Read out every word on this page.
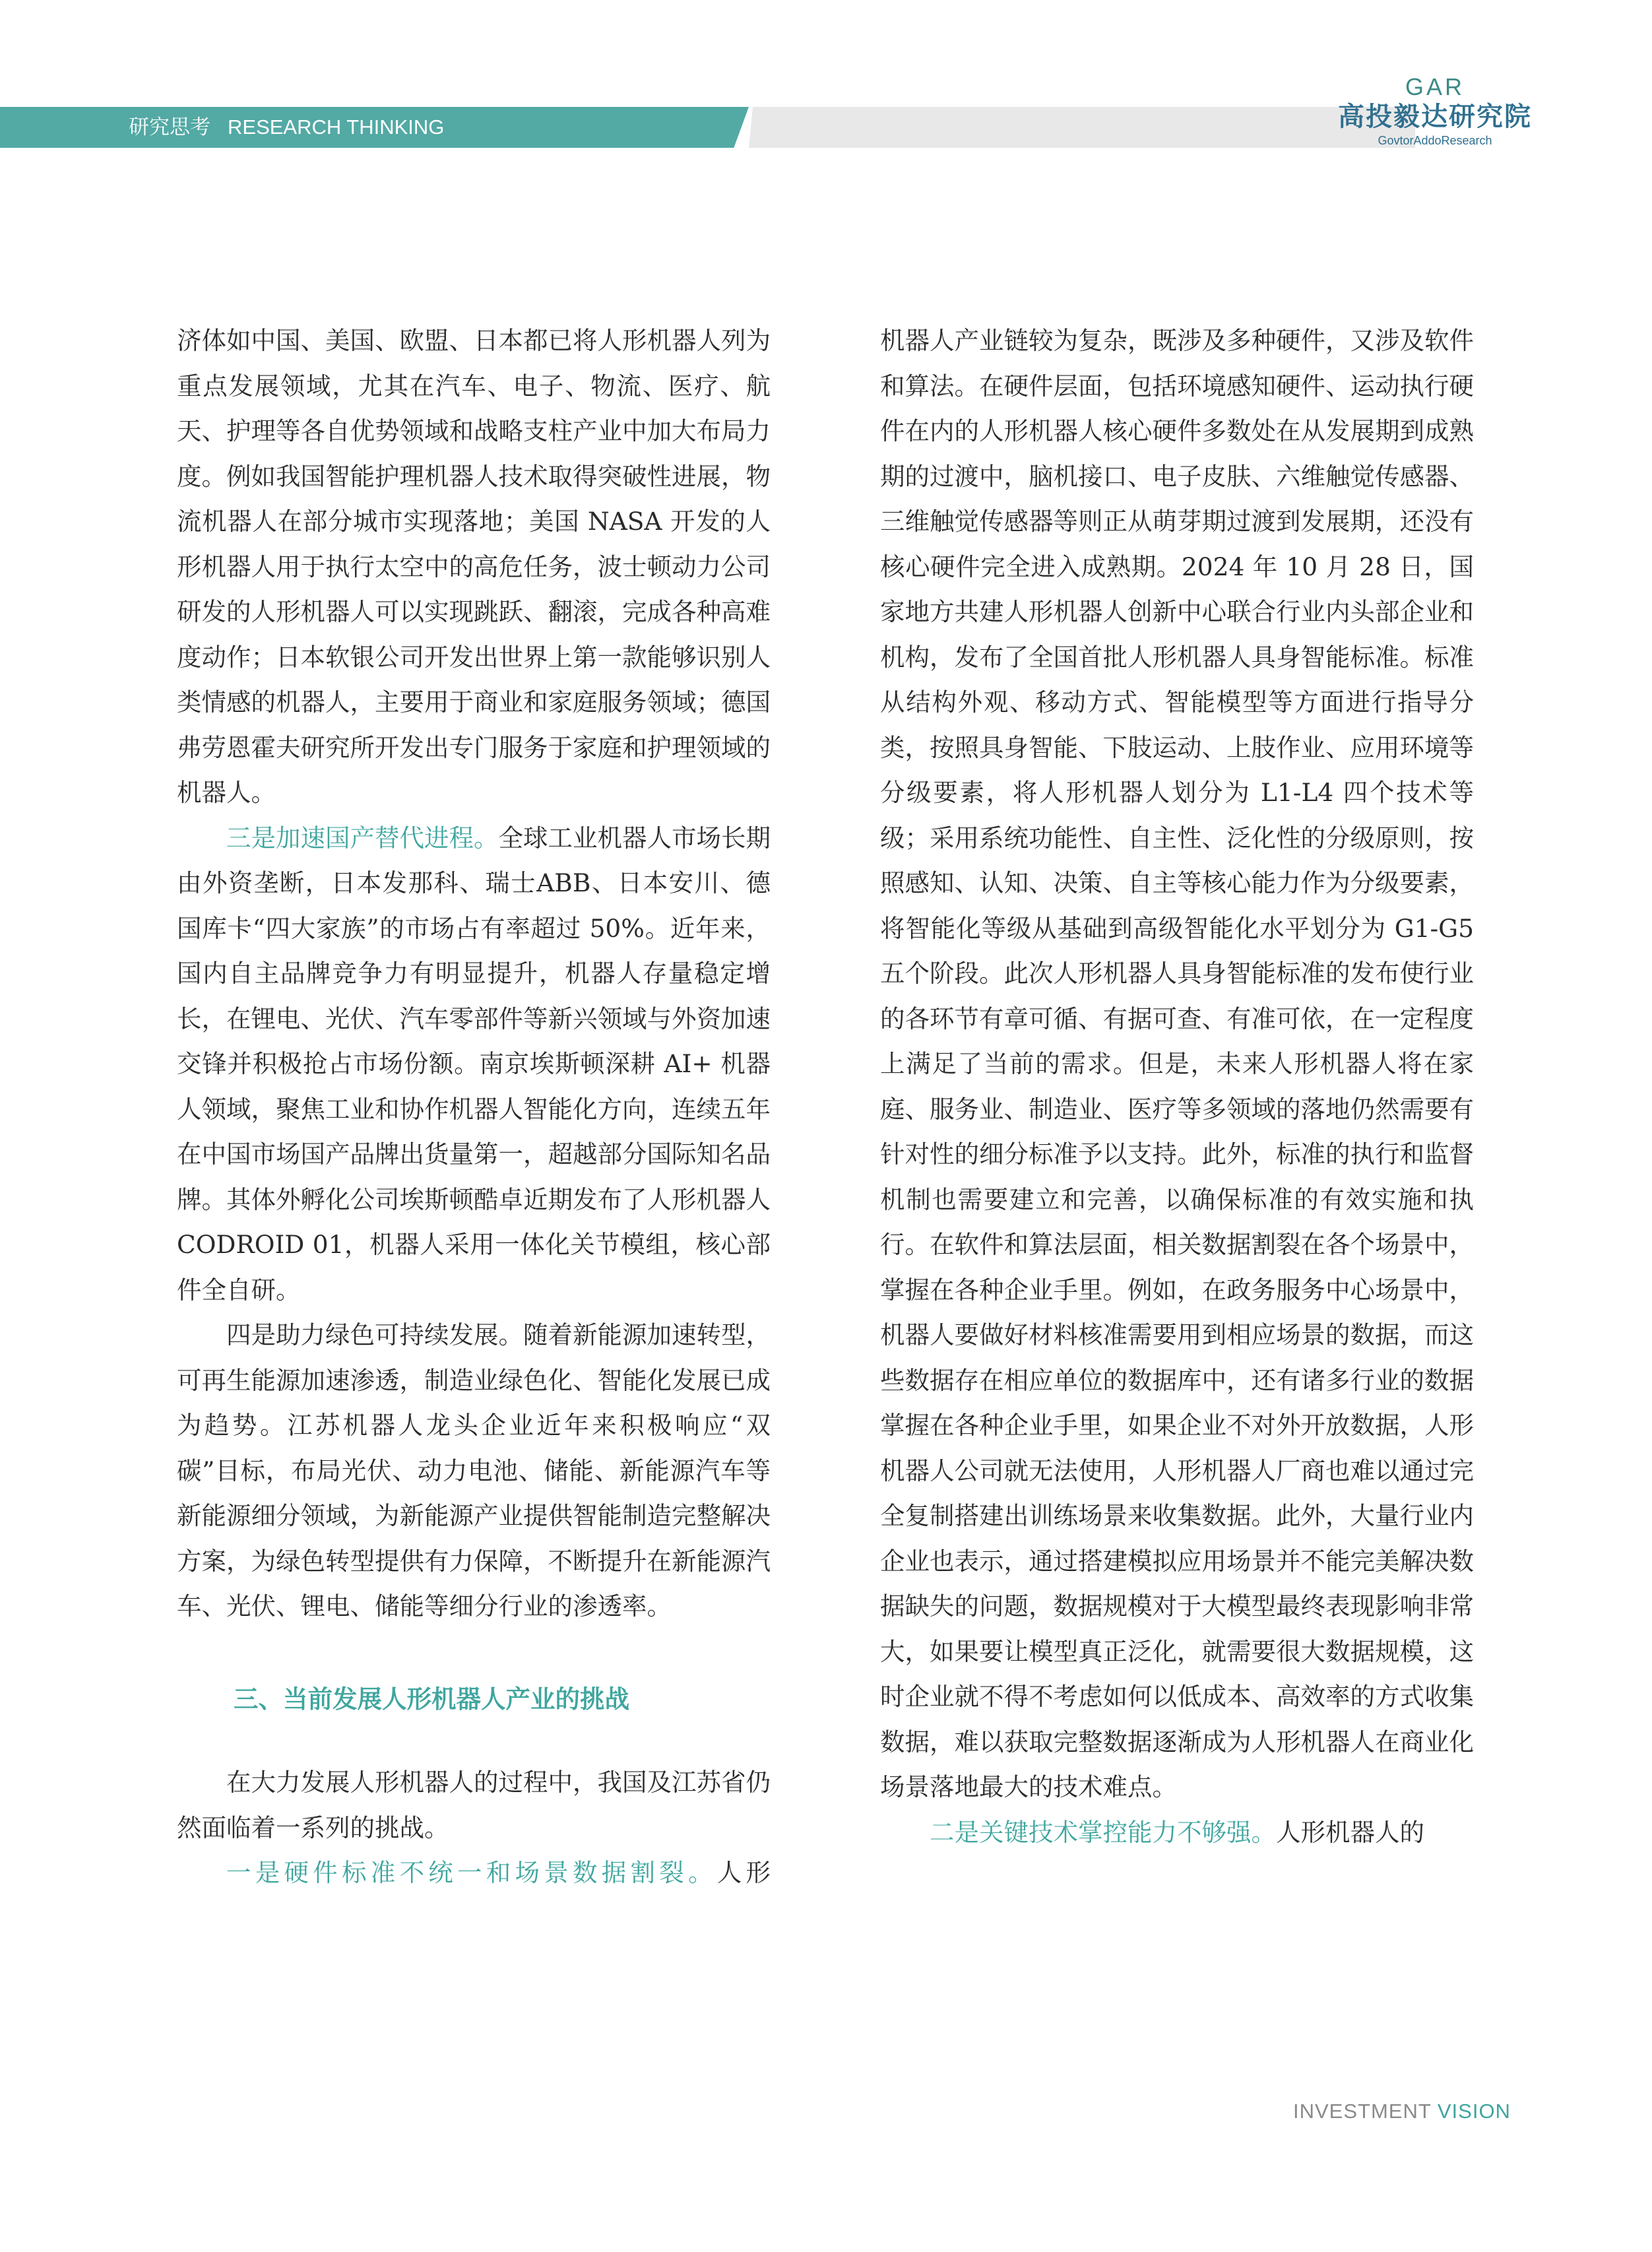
研究思考 RESEARCH THINKING
GAR
高投毅达研究院
GovtorAddoResearch

济体如中国、美国、欧盟、日本都已将人形机器人列为重点发展领域，尤其在汽车、电子、物流、医疗、航天、护理等各自优势领域和战略支柱产业中加大布局力度。例如我国智能护理机器人技术取得突破性进展，物流机器人在部分城市实现落地；美国 NASA 开发的人形机器人用于执行太空中的高危任务，波士顿动力公司研发的人形机器人可以实现跳跃、翻滚，完成各种高难度动作；日本软银公司开发出世界上第一款能够识别人类情感的机器人，主要用于商业和家庭服务领域；德国弗劳恩霍夫研究所开发出专门服务于家庭和护理领域的机器人。

三是加速国产替代进程。全球工业机器人市场长期由外资垄断，日本发那科、瑞士ABB、日本安川、德国库卡“四大家族”的市场占有率超过 50%。近年来，国内自主品牌竞争力有明显提升，机器人存量稳定增长，在锂电、光伏、汽车零部件等新兴领域与外资加速交锋并积极抢占市场份额。南京埃斯顿深耕 AI+ 机器人领域，聚焦工业和协作机器人智能化方向，连续五年在中国市场国产品牌出货量第一，超越部分国际知名品牌。其体外孵化公司埃斯顿酷卓近期发布了人形机器人 CODROID 01，机器人采用一体化关节模组，核心部件全自研。

四是助力绿色可持续发展。随着新能源加速转型，可再生能源加速渗透，制造业绿色化、智能化发展已成为趋势。江苏机器人龙头企业近年来积极响应“双碳”目标，布局光伏、动力电池、储能、新能源汽车等新能源细分领域，为新能源产业提供智能制造完整解决方案，为绿色转型提供有力保障，不断提升在新能源汽车、光伏、锂电、储能等细分行业的渗透率。

三、当前发展人形机器人产业的挑战

在大力发展人形机器人的过程中，我国及江苏省仍然面临着一系列的挑战。

一是硬件标准不统一和场景数据割裂。人形

机器人产业链较为复杂，既涉及多种硬件，又涉及软件和算法。在硬件层面，包括环境感知硬件、运动执行硬件在内的人形机器人核心硬件多数处在从发展期到成熟期的过渡中，脑机接口、电子皮肤、六维触觉传感器、三维触觉传感器等则正从萌芽期过渡到发展期，还没有核心硬件完全进入成熟期。2024 年 10 月 28 日，国家地方共建人形机器人创新中心联合行业内头部企业和机构，发布了全国首批人形机器人具身智能标准。标准从结构外观、移动方式、智能模型等方面进行指导分类，按照具身智能、下肢运动、上肢作业、应用环境等分级要素，将人形机器人划分为 L1-L4 四个技术等级；采用系统功能性、自主性、泛化性的分级原则，按照感知、认知、决策、自主等核心能力作为分级要素，将智能化等级从基础到高级智能化水平划分为 G1-G5 五个阶段。此次人形机器人具身智能标准的发布使行业的各环节有章可循、有据可查、有准可依，在一定程度上满足了当前的需求。但是，未来人形机器人将在家庭、服务业、制造业、医疗等多领域的落地仍然需要有针对性的细分标准予以支持。此外，标准的执行和监督机制也需要建立和完善，以确保标准的有效实施和执行。在软件和算法层面，相关数据割裂在各个场景中，掌握在各种企业手里。例如，在政务服务中心场景中，机器人要做好材料核准需要用到相应场景的数据，而这些数据存在相应单位的数据库中，还有诸多行业的数据掌握在各种企业手里，如果企业不对外开放数据，人形机器人公司就无法使用，人形机器人厂商也难以通过完全复制搭建出训练场景来收集数据。此外，大量行业内企业也表示，通过搭建模拟应用场景并不能完美解决数据缺失的问题，数据规模对于大模型最终表现影响非常大，如果要让模型真正泛化，就需要很大数据规模，这时企业就不得不考虑如何以低成本、高效率的方式收集数据，难以获取完整数据逐渐成为人形机器人在商业化场景落地最大的技术难点。

二是关键技术掌控能力不够强。人形机器人的

INVESTMENT VISION
